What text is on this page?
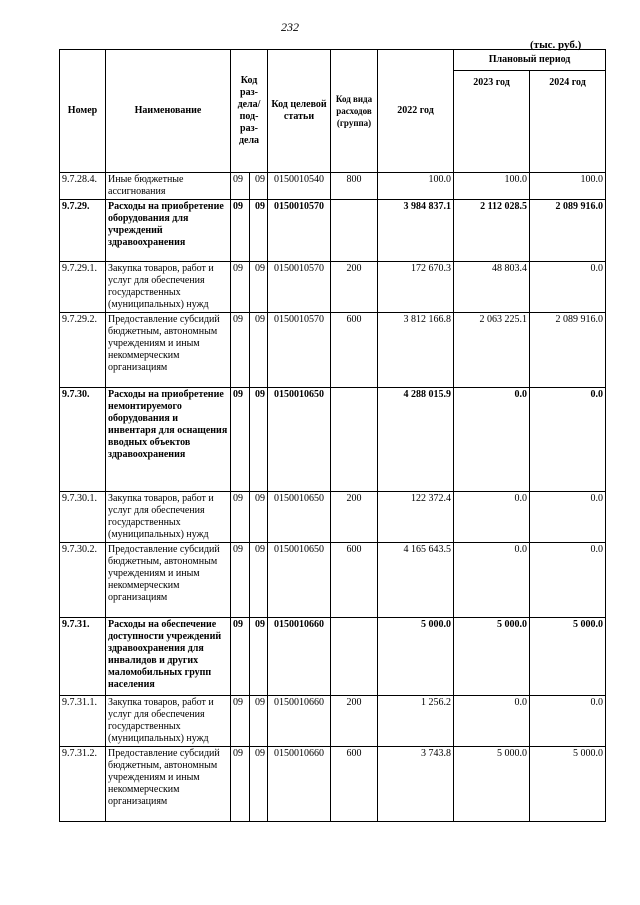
232
(тыс. руб.)
Номер	Наименование	Код раз-дела/ под-раз-дела		Код целевой статьи	Код вида расходов (группа)	2022 год	Плановый период	
							2023 год	2024 год
9.7.28.4.	Иные бюджетные ассигнования	09	09	0150010540	800	100.0	100.0	100.0
9.7.29.	Расходы на приобретение оборудования для учреждений здравоохранения	09	09	0150010570		3 984 837.1	2 112 028.5	2 089 916.0
9.7.29.1.	Закупка товаров, работ и услуг для обеспечения государственных (муниципальных) нужд	09	09	0150010570	200	172 670.3	48 803.4	0.0
9.7.29.2.	Предоставление субсидий бюджетным, автономным учреждениям и иным некоммерческим организациям	09	09	0150010570	600	3 812 166.8	2 063 225.1	2 089 916.0
9.7.30.	Расходы на приобретение немонтируемого оборудования и инвентаря для оснащения вводных объектов здравоохранения	09	09	0150010650		4 288 015.9	0.0	0.0
9.7.30.1.	Закупка товаров, работ и услуг для обеспечения государственных (муниципальных) нужд	09	09	0150010650	200	122 372.4	0.0	0.0
9.7.30.2.	Предоставление субсидий бюджетным, автономным учреждениям и иным некоммерческим организациям	09	09	0150010650	600	4 165 643.5	0.0	0.0
9.7.31.	Расходы на обеспечение доступности учреждений здравоохранения для инвалидов и других маломобильных групп населения	09	09	0150010660		5 000.0	5 000.0	5 000.0
9.7.31.1.	Закупка товаров, работ и услуг для обеспечения государственных (муниципальных) нужд	09	09	0150010660	200	1 256.2	0.0	0.0
9.7.31.2.	Предоставление субсидий бюджетным, автономным учреждениям и иным некоммерческим организациям	09	09	0150010660	600	3 743.8	5 000.0	5 000.0
